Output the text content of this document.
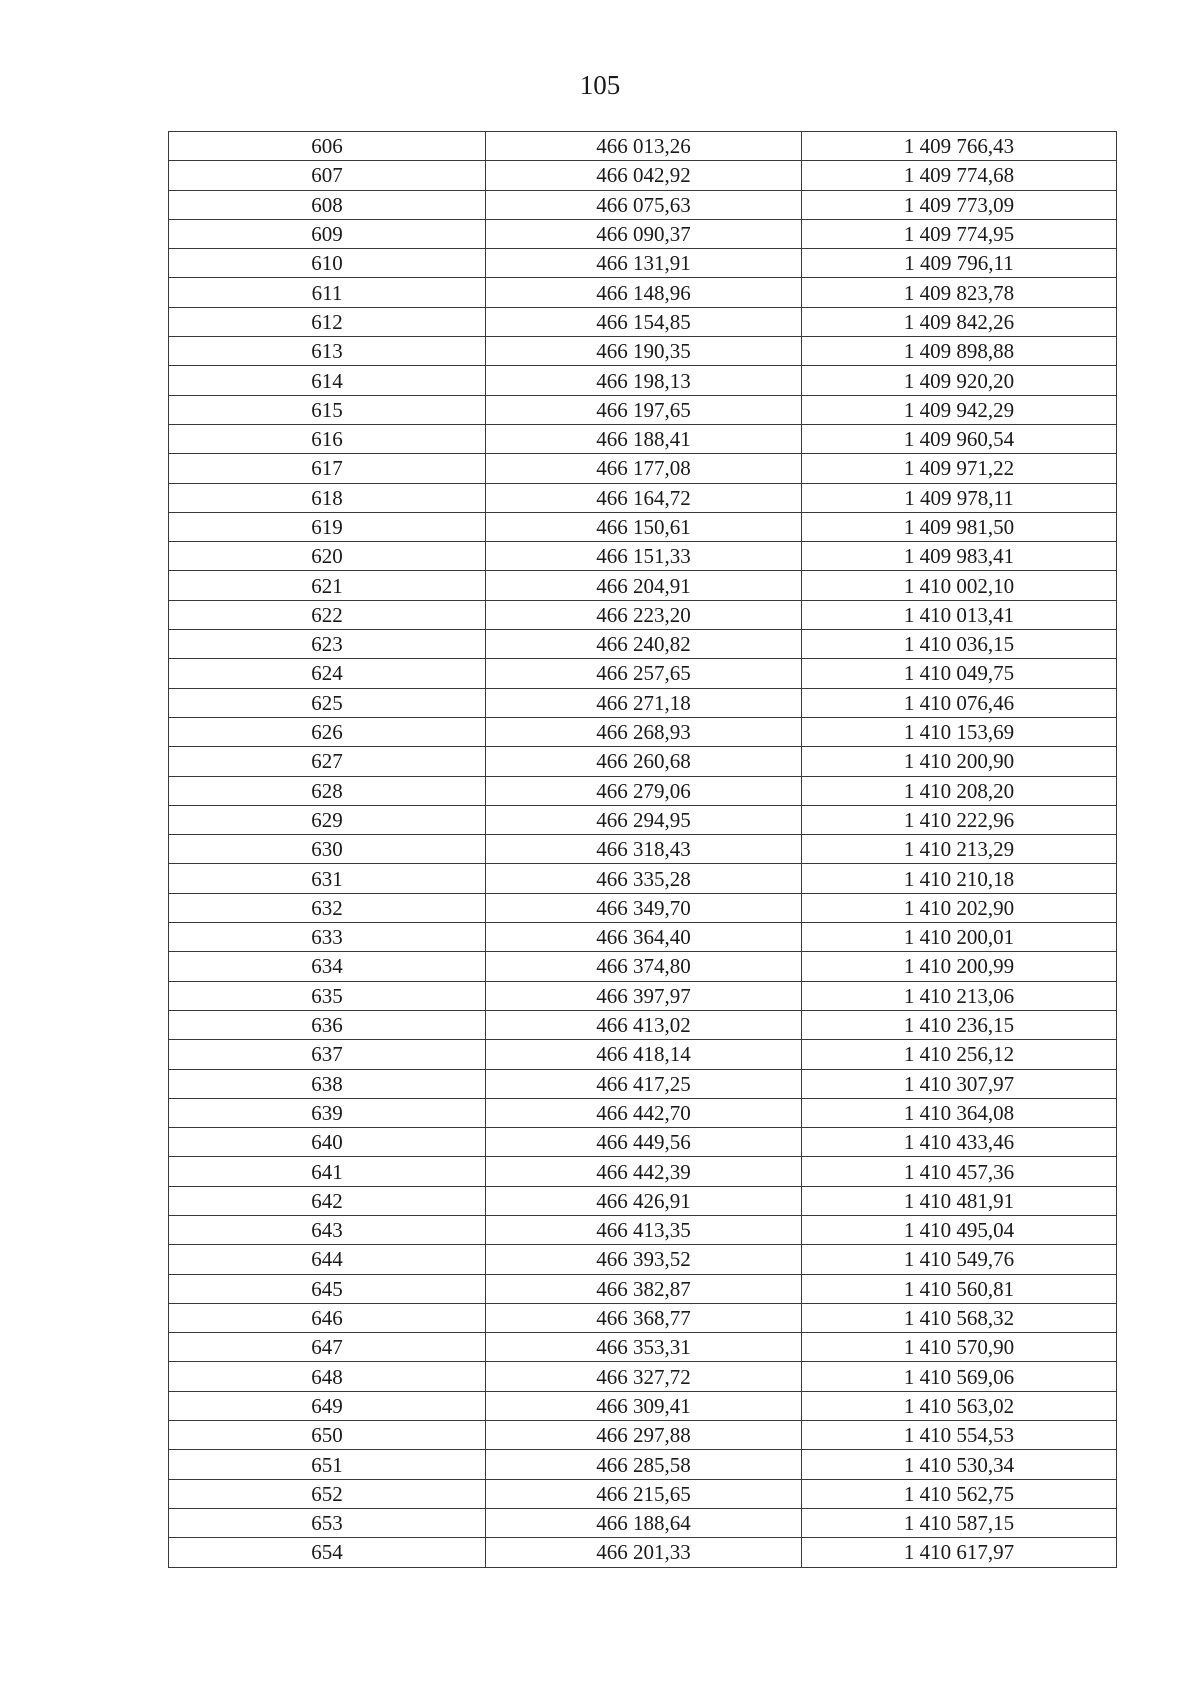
105
606	466 013,26	1 409 766,43
607	466 042,92	1 409 774,68
608	466 075,63	1 409 773,09
609	466 090,37	1 409 774,95
610	466 131,91	1 409 796,11
611	466 148,96	1 409 823,78
612	466 154,85	1 409 842,26
613	466 190,35	1 409 898,88
614	466 198,13	1 409 920,20
615	466 197,65	1 409 942,29
616	466 188,41	1 409 960,54
617	466 177,08	1 409 971,22
618	466 164,72	1 409 978,11
619	466 150,61	1 409 981,50
620	466 151,33	1 409 983,41
621	466 204,91	1 410 002,10
622	466 223,20	1 410 013,41
623	466 240,82	1 410 036,15
624	466 257,65	1 410 049,75
625	466 271,18	1 410 076,46
626	466 268,93	1 410 153,69
627	466 260,68	1 410 200,90
628	466 279,06	1 410 208,20
629	466 294,95	1 410 222,96
630	466 318,43	1 410 213,29
631	466 335,28	1 410 210,18
632	466 349,70	1 410 202,90
633	466 364,40	1 410 200,01
634	466 374,80	1 410 200,99
635	466 397,97	1 410 213,06
636	466 413,02	1 410 236,15
637	466 418,14	1 410 256,12
638	466 417,25	1 410 307,97
639	466 442,70	1 410 364,08
640	466 449,56	1 410 433,46
641	466 442,39	1 410 457,36
642	466 426,91	1 410 481,91
643	466 413,35	1 410 495,04
644	466 393,52	1 410 549,76
645	466 382,87	1 410 560,81
646	466 368,77	1 410 568,32
647	466 353,31	1 410 570,90
648	466 327,72	1 410 569,06
649	466 309,41	1 410 563,02
650	466 297,88	1 410 554,53
651	466 285,58	1 410 530,34
652	466 215,65	1 410 562,75
653	466 188,64	1 410 587,15
654	466 201,33	1 410 617,97
